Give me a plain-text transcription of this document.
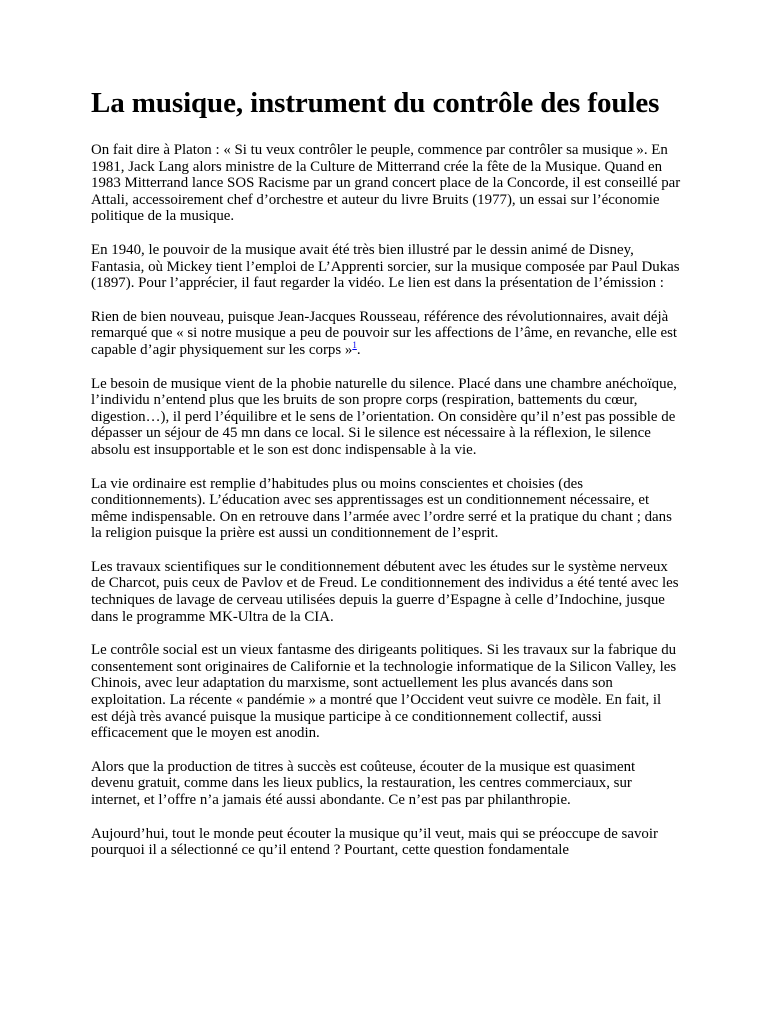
La musique, instrument du contrôle des foules

On fait dire à Platon : « Si tu veux contrôler le peuple, commence par contrôler sa musique ». En 1981, Jack Lang alors ministre de la Culture de Mitterrand crée la fête de la Musique. Quand en 1983 Mitterrand lance SOS Racisme par un grand concert place de la Concorde, il est conseillé par Attali, accessoirement chef d’orchestre et auteur du livre Bruits (1977), un essai sur l’économie politique de la musique.

En 1940, le pouvoir de la musique avait été très bien illustré par le dessin animé de Disney, Fantasia, où Mickey tient l’emploi de L’Apprenti sorcier, sur la musique composée par Paul Dukas (1897). Pour l’apprécier, il faut regarder la vidéo. Le lien est dans la présentation de l’émission :

Rien de bien nouveau, puisque Jean-Jacques Rousseau, référence des révolutionnaires, avait déjà remarqué que « si notre musique a peu de pouvoir sur les affections de l’âme, en revanche, elle est capable d’agir physiquement sur les corps »$^1$.

Le besoin de musique vient de la phobie naturelle du silence. Placé dans une chambre anéchoïque, l’individu n’entend plus que les bruits de son propre corps (respiration, battements du cœur, digestion…), il perd l’équilibre et le sens de l’orientation. On considère qu’il n’est pas possible de dépasser un séjour de 45 mn dans ce local. Si le silence est nécessaire à la réflexion, le silence absolu est insupportable et le son est donc indispensable à la vie.

La vie ordinaire est remplie d’habitudes plus ou moins conscientes et choisies (des conditionnements). L’éducation avec ses apprentissages est un conditionnement nécessaire, et même indispensable. On en retrouve dans l’armée avec l’ordre serré et la pratique du chant ; dans la religion puisque la prière est aussi un conditionnement de l’esprit.

Les travaux scientifiques sur le conditionnement débutent avec les études sur le système nerveux de Charcot, puis ceux de Pavlov et de Freud. Le conditionnement des individus a été tenté avec les techniques de lavage de cerveau utilisées depuis la guerre d’Espagne à celle d’Indochine, jusque dans le programme MK-Ultra de la CIA.

Le contrôle social est un vieux fantasme des dirigeants politiques. Si les travaux sur la fabrique du consentement sont originaires de Californie et la technologie informatique de la Silicon Valley, les Chinois, avec leur adaptation du marxisme, sont actuellement les plus avancés dans son exploitation. La récente « pandémie » a montré que l’Occident veut suivre ce modèle. En fait, il est déjà très avancé puisque la musique participe à ce conditionnement collectif, aussi efficacement que le moyen est anodin.

Alors que la production de titres à succès est coûteuse, écouter de la musique est quasiment devenu gratuit, comme dans les lieux publics, la restauration, les centres commerciaux, sur internet, et l’offre n’a jamais été aussi abondante. Ce n’est pas par philanthropie.

Aujourd’hui, tout le monde peut écouter la musique qu’il veut, mais qui se préoccupe de savoir pourquoi il a sélectionné ce qu’il entend ? Pourtant, cette question fondamentale
